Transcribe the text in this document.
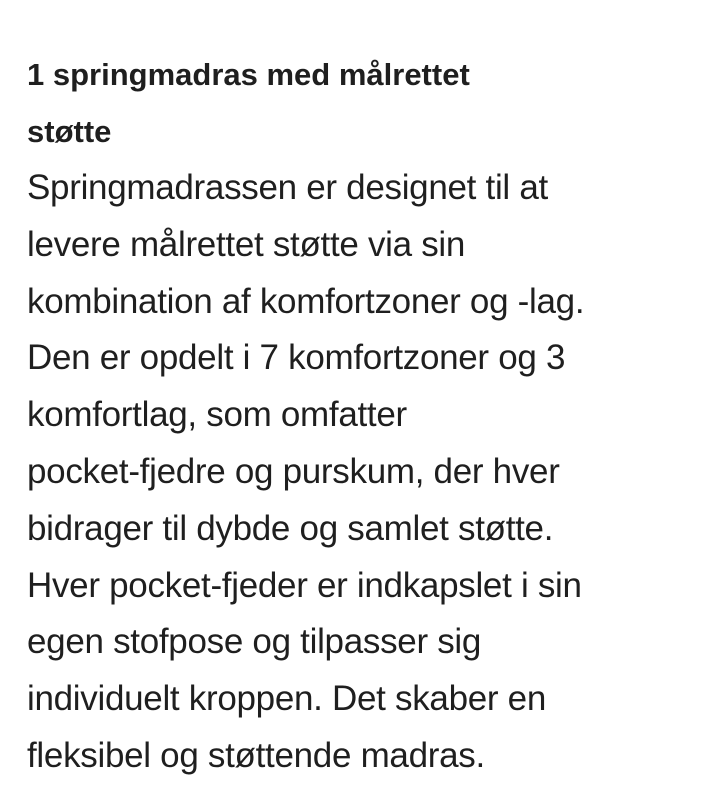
1 springmadras med målrettet
støtte

Springmadrassen er designet til at
levere målrettet støtte via sin
kombination af komfortzoner og -lag.
Den er opdelt i 7 komfortzoner og 3
komfortlag, som omfatter
pocket-fjedre og purskum, der hver
bidrager til dybde og samlet støtte.
Hver pocket-fjeder er indkapslet i sin
egen stofpose og tilpasser sig
individuelt kroppen. Det skaber en
fleksibel og støttende madras.
